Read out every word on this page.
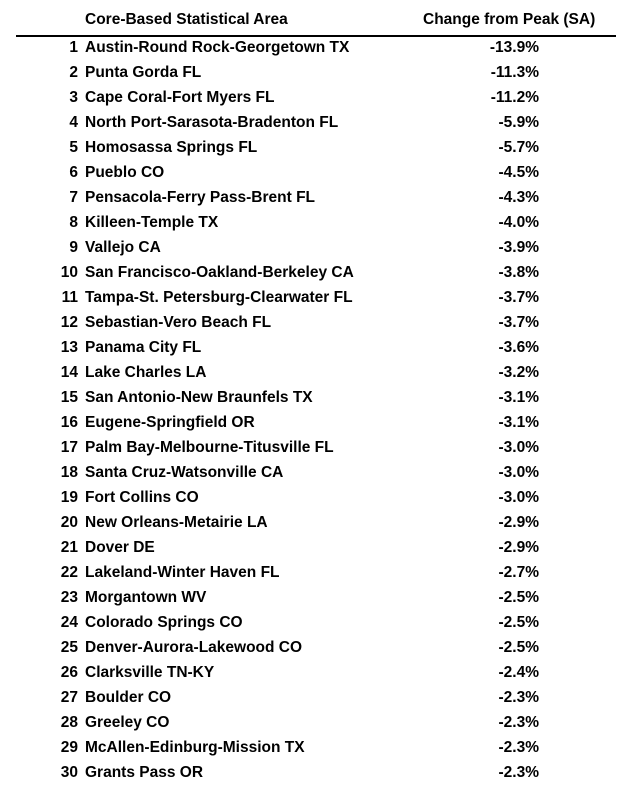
Core-Based Statistical Area	Change from Peak (SA)
1 Austin-Round Rock-Georgetown TX	-13.9%
2 Punta Gorda FL	-11.3%
3 Cape Coral-Fort Myers FL	-11.2%
4 North Port-Sarasota-Bradenton FL	-5.9%
5 Homosassa Springs FL	-5.7%
6 Pueblo CO	-4.5%
7 Pensacola-Ferry Pass-Brent FL	-4.3%
8 Killeen-Temple TX	-4.0%
9 Vallejo CA	-3.9%
10 San Francisco-Oakland-Berkeley CA	-3.8%
11 Tampa-St. Petersburg-Clearwater FL	-3.7%
12 Sebastian-Vero Beach FL	-3.7%
13 Panama City FL	-3.6%
14 Lake Charles LA	-3.2%
15 San Antonio-New Braunfels TX	-3.1%
16 Eugene-Springfield OR	-3.1%
17 Palm Bay-Melbourne-Titusville FL	-3.0%
18 Santa Cruz-Watsonville CA	-3.0%
19 Fort Collins CO	-3.0%
20 New Orleans-Metairie LA	-2.9%
21 Dover DE	-2.9%
22 Lakeland-Winter Haven FL	-2.7%
23 Morgantown WV	-2.5%
24 Colorado Springs CO	-2.5%
25 Denver-Aurora-Lakewood CO	-2.5%
26 Clarksville TN-KY	-2.4%
27 Boulder CO	-2.3%
28 Greeley CO	-2.3%
29 McAllen-Edinburg-Mission TX	-2.3%
30 Grants Pass OR	-2.3%
